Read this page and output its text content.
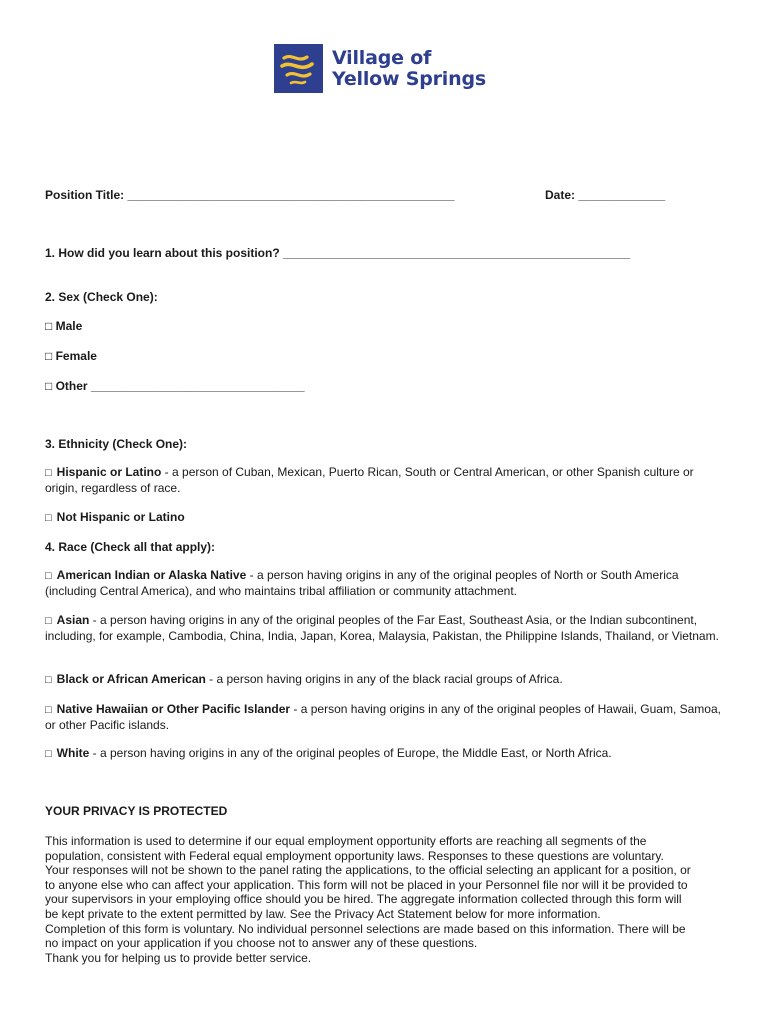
Village of
Yellow Springs
Position Title: _________________________________________________	Date: _____________
1. How did you learn about this position? ____________________________________________________
2. Sex (Check One):
□ Male
□ Female
□ Other ________________________________
3. Ethnicity (Check One):
□ Hispanic or Latino - a person of Cuban, Mexican, Puerto Rican, South or Central American, or other Spanish culture or origin, regardless of race.
□ Not Hispanic or Latino
4. Race (Check all that apply):
□ American Indian or Alaska Native - a person having origins in any of the original peoples of North or South America (including Central America), and who maintains tribal affiliation or community attachment.
□ Asian - a person having origins in any of the original peoples of the Far East, Southeast Asia, or the Indian subcontinent, including, for example, Cambodia, China, India, Japan, Korea, Malaysia, Pakistan, the Philippine Islands, Thailand, or Vietnam.
□ Black or African American - a person having origins in any of the black racial groups of Africa.
□ Native Hawaiian or Other Pacific Islander - a person having origins in any of the original peoples of Hawaii, Guam, Samoa, or other Pacific islands.
□ White - a person having origins in any of the original peoples of Europe, the Middle East, or North Africa.
YOUR PRIVACY IS PROTECTED
This information is used to determine if our equal employment opportunity efforts are reaching all segments of the
population, consistent with Federal equal employment opportunity laws. Responses to these questions are voluntary.
Your responses will not be shown to the panel rating the applications, to the official selecting an applicant for a position, or
to anyone else who can affect your application. This form will not be placed in your Personnel file nor will it be provided to
your supervisors in your employing office should you be hired. The aggregate information collected through this form will
be kept private to the extent permitted by law. See the Privacy Act Statement below for more information.
Completion of this form is voluntary. No individual personnel selections are made based on this information. There will be
no impact on your application if you choose not to answer any of these questions.
Thank you for helping us to provide better service.
